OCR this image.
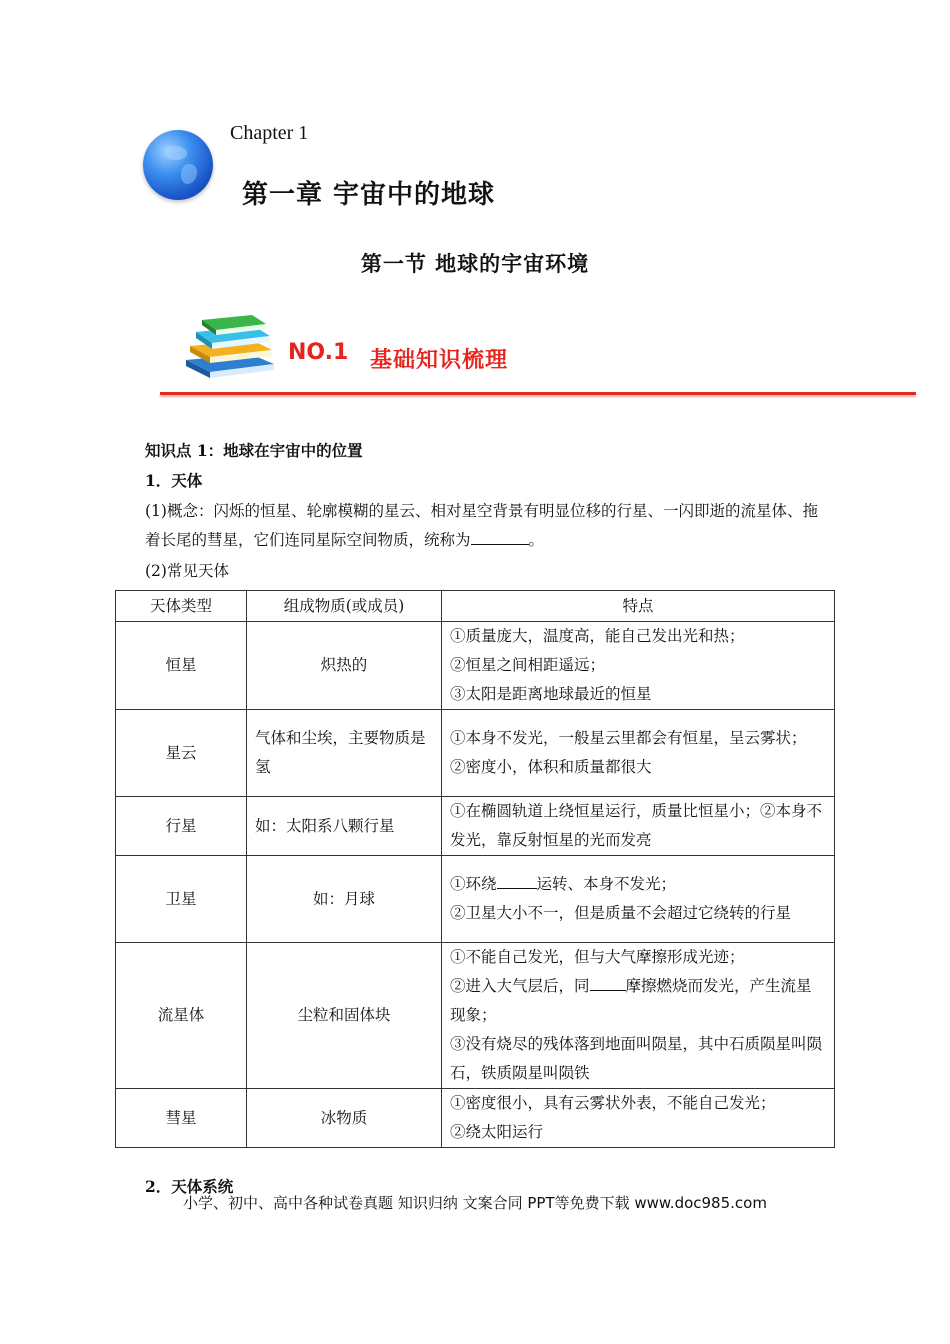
Chapter 1
第一章 宇宙中的地球
第一节 地球的宇宙环境
NO.1 基础知识梳理
知识点 1：地球在宇宙中的位置
1．天体
(1)概念：闪烁的恒星、轮廓模糊的星云、相对星空背景有明显位移的行星、一闪即逝的流星体、拖着长尾的彗星，它们连同星际空间物质，统称为	。
(2)常见天体
天体类型	组成物质(或成员)	特点
恒星	炽热的	①质量庞大，温度高，能自己发出光和热；
②恒星之间相距遥远；
③太阳是距离地球最近的恒星

星云	气体和尘埃，主要物质是氢	①本身不发光，一般星云里都会有恒星，呈云雾状；
②密度小，体积和质量都很大

行星	如：太阳系八颗行星	①在椭圆轨道上绕恒星运行，质量比恒星小；②本身不发光，靠反射恒星的光而发亮

卫星	如：月球	①环绕 运转、本身不发光；
②卫星大小不一，但是质量不会超过它绕转的行星

流星体	尘粒和固体块	①不能自己发光，但与大气摩擦形成光迹；
②进入大气层后，同 摩擦燃烧而发光，产生流星现象；
③没有烧尽的残体落到地面叫陨星，其中石质陨星叫陨石，铁质陨星叫陨铁

彗星	冰物质	①密度很小，具有云雾状外表，不能自己发光；
②绕太阳运行
2．天体系统
小学、初中、高中各种试卷真题 知识归纳 文案合同 PPT等免费下载 www.doc985.com
